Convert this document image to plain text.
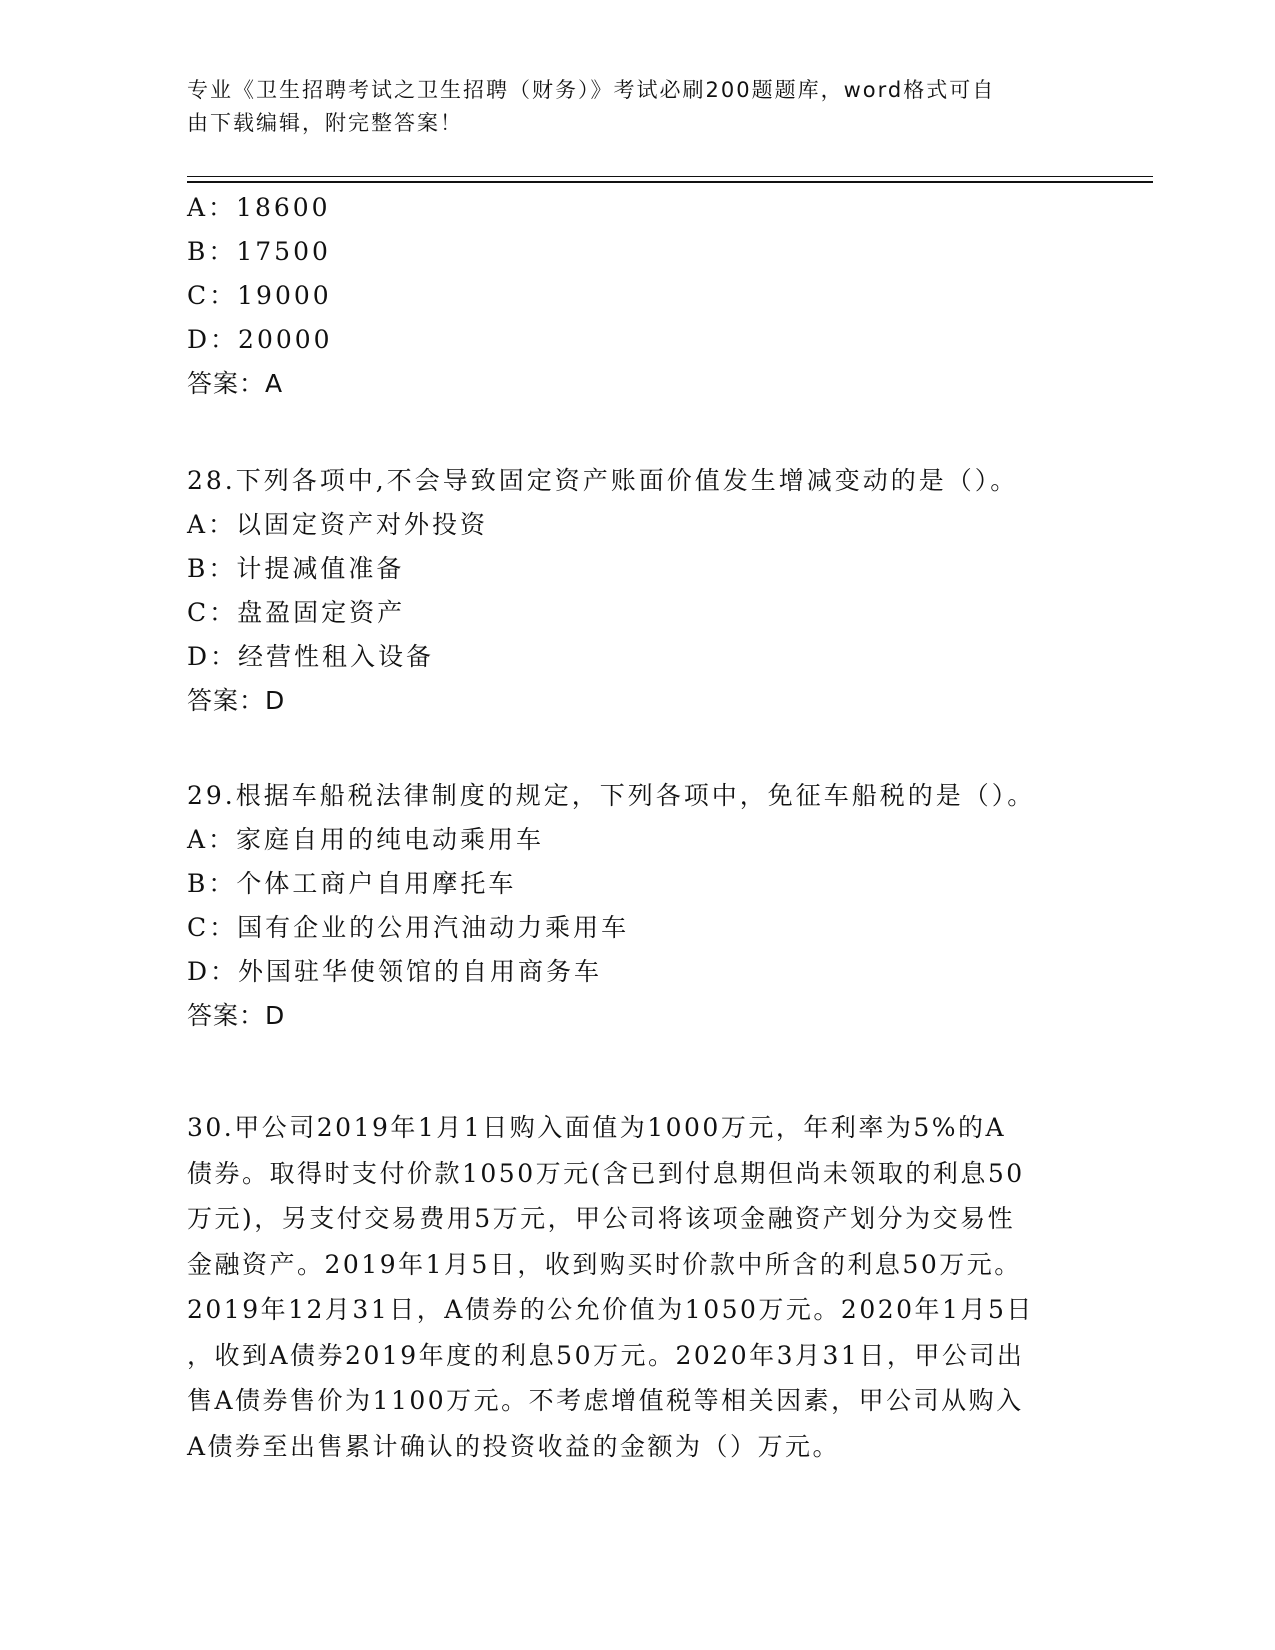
专业《卫生招聘考试之卫生招聘（财务）》考试必刷200题题库，word格式可自
由下载编辑，附完整答案！
A：18600
B：17500
C：19000
D：20000
答案：A
28.下列各项中,不会导致固定资产账面价值发生增减变动的是（）。
A：以固定资产对外投资
B：计提减值准备
C：盘盈固定资产
D：经营性租入设备
答案：D
29.根据车船税法律制度的规定，下列各项中，免征车船税的是（）。
A：家庭自用的纯电动乘用车
B：个体工商户自用摩托车
C：国有企业的公用汽油动力乘用车
D：外国驻华使领馆的自用商务车
答案：D
30.甲公司2019年1月1日购入面值为1000万元，年利率为5%的A
债券。取得时支付价款1050万元(含已到付息期但尚未领取的利息50
万元)，另支付交易费用5万元，甲公司将该项金融资产划分为交易性
金融资产。2019年1月5日，收到购买时价款中所含的利息50万元。
2019年12月31日，A债券的公允价值为1050万元。2020年1月5日
，收到A债券2019年度的利息50万元。2020年3月31日，甲公司出
售A债券售价为1100万元。不考虑增值税等相关因素，甲公司从购入
A债券至出售累计确认的投资收益的金额为（）万元。
